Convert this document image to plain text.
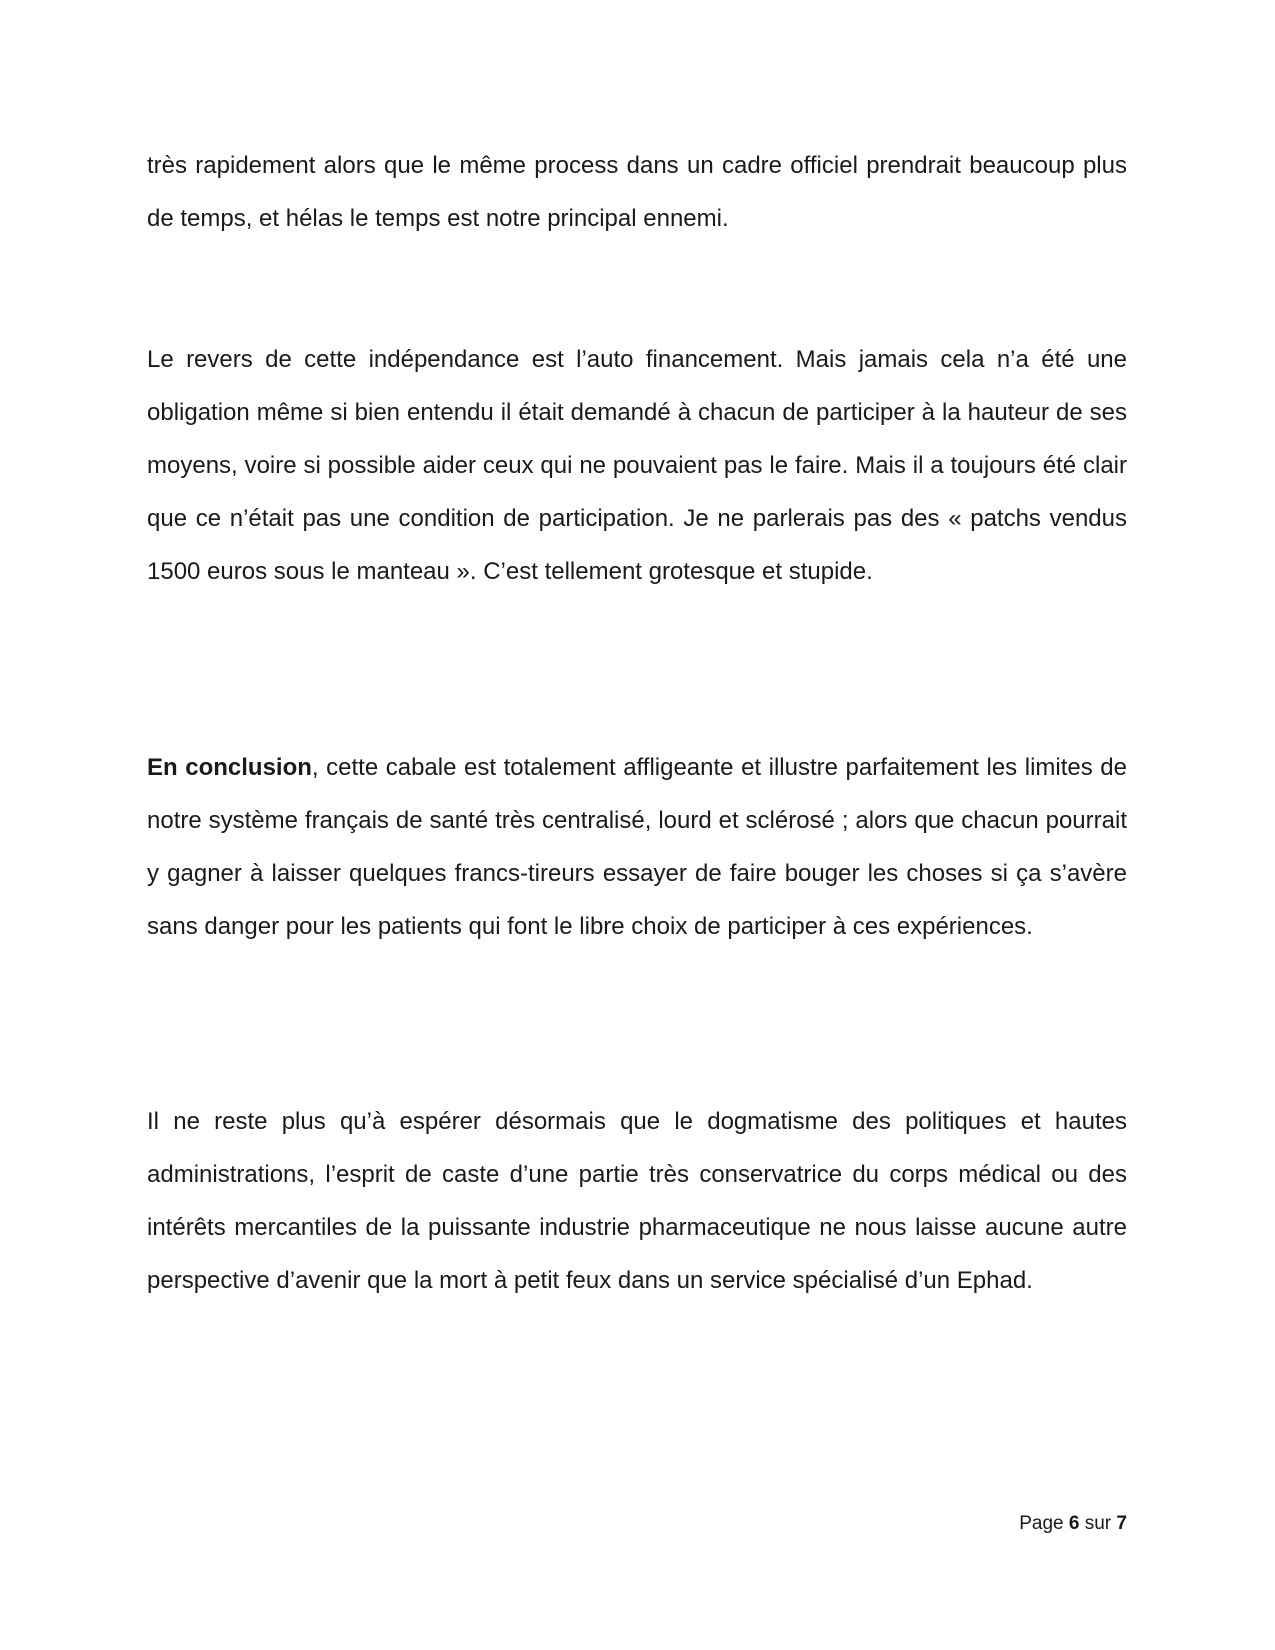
très rapidement alors que le même process dans un cadre officiel prendrait beaucoup plus de temps, et hélas le temps est notre principal ennemi.

Le revers de cette indépendance est l’auto financement. Mais jamais cela n’a été une obligation même si bien entendu il était demandé à chacun de participer à la hauteur de ses moyens, voire si possible aider ceux qui ne pouvaient pas le faire. Mais il a toujours été clair que ce n’était pas une condition de participation. Je ne parlerais pas des « patchs vendus 1500 euros sous le manteau ». C’est tellement grotesque et stupide.

En conclusion, cette cabale est totalement affligeante et illustre parfaitement les limites de notre système français de santé très centralisé, lourd et sclérosé ; alors que chacun pourrait y gagner à laisser quelques francs-tireurs essayer de faire bouger les choses si ça s’avère sans danger pour les patients qui font le libre choix de participer à ces expériences.

Il ne reste plus qu’à espérer désormais que le dogmatisme des politiques et hautes administrations, l’esprit de caste d’une partie très conservatrice du corps médical ou des intérêts mercantiles de la puissante industrie pharmaceutique ne nous laisse aucune autre perspective d’avenir que la mort à petit feux dans un service spécialisé d’un Ephad.

Page 6 sur 7
